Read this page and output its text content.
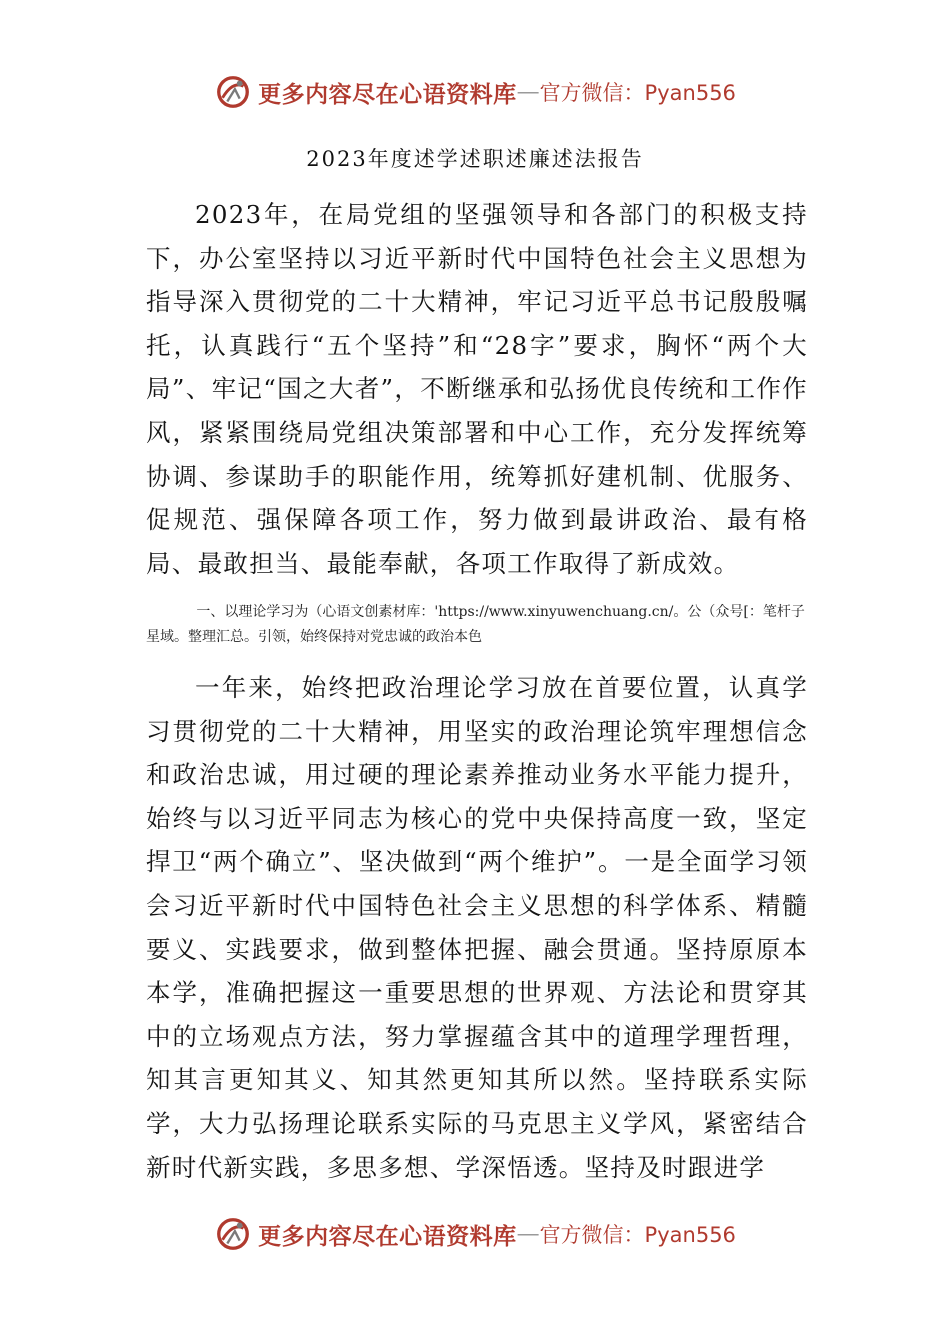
更多内容尽在心语资料库 — 官方微信：Pyan556
2023年度述学述职述廉述法报告

2023年，在局党组的坚强领导和各部门的积极支持下，办公室坚持以习近平新时代中国特色社会主义思想为指导深入贯彻党的二十大精神，牢记习近平总书记殷殷嘱托，认真践行“五个坚持”和“28字”要求，胸怀“两个大局”、牢记“国之大者”，不断继承和弘扬优良传统和工作作风，紧紧围绕局党组决策部署和中心工作，充分发挥统筹协调、参谋助手的职能作用，统筹抓好建机制、优服务、促规范、强保障各项工作，努力做到最讲政治、最有格局、最敢担当、最能奉献，各项工作取得了新成效。

一、以理论学习为（心语文创素材库：'https://www.xinyuwenchuang.cn/。公（众号[：笔杆子星域。整理汇总。引领，始终保持对党忠诚的政治本色

一年来，始终把政治理论学习放在首要位置，认真学习贯彻党的二十大精神，用坚实的政治理论筑牢理想信念和政治忠诚，用过硬的理论素养推动业务水平能力提升，始终与以习近平同志为核心的党中央保持高度一致，坚定捍卫“两个确立”、坚决做到“两个维护”。一是全面学习领会习近平新时代中国特色社会主义思想的科学体系、精髓要义、实践要求，做到整体把握、融会贯通。坚持原原本本学，准确把握这一重要思想的世界观、方法论和贯穿其中的立场观点方法，努力掌握蕴含其中的道理学理哲理，知其言更知其义、知其然更知其所以然。坚持联系实际学，大力弘扬理论联系实际的马克思主义学风，紧密结合新时代新实践，多思多想、学深悟透。坚持及时跟进学

更多内容尽在心语资料库 — 官方微信：Pyan556
